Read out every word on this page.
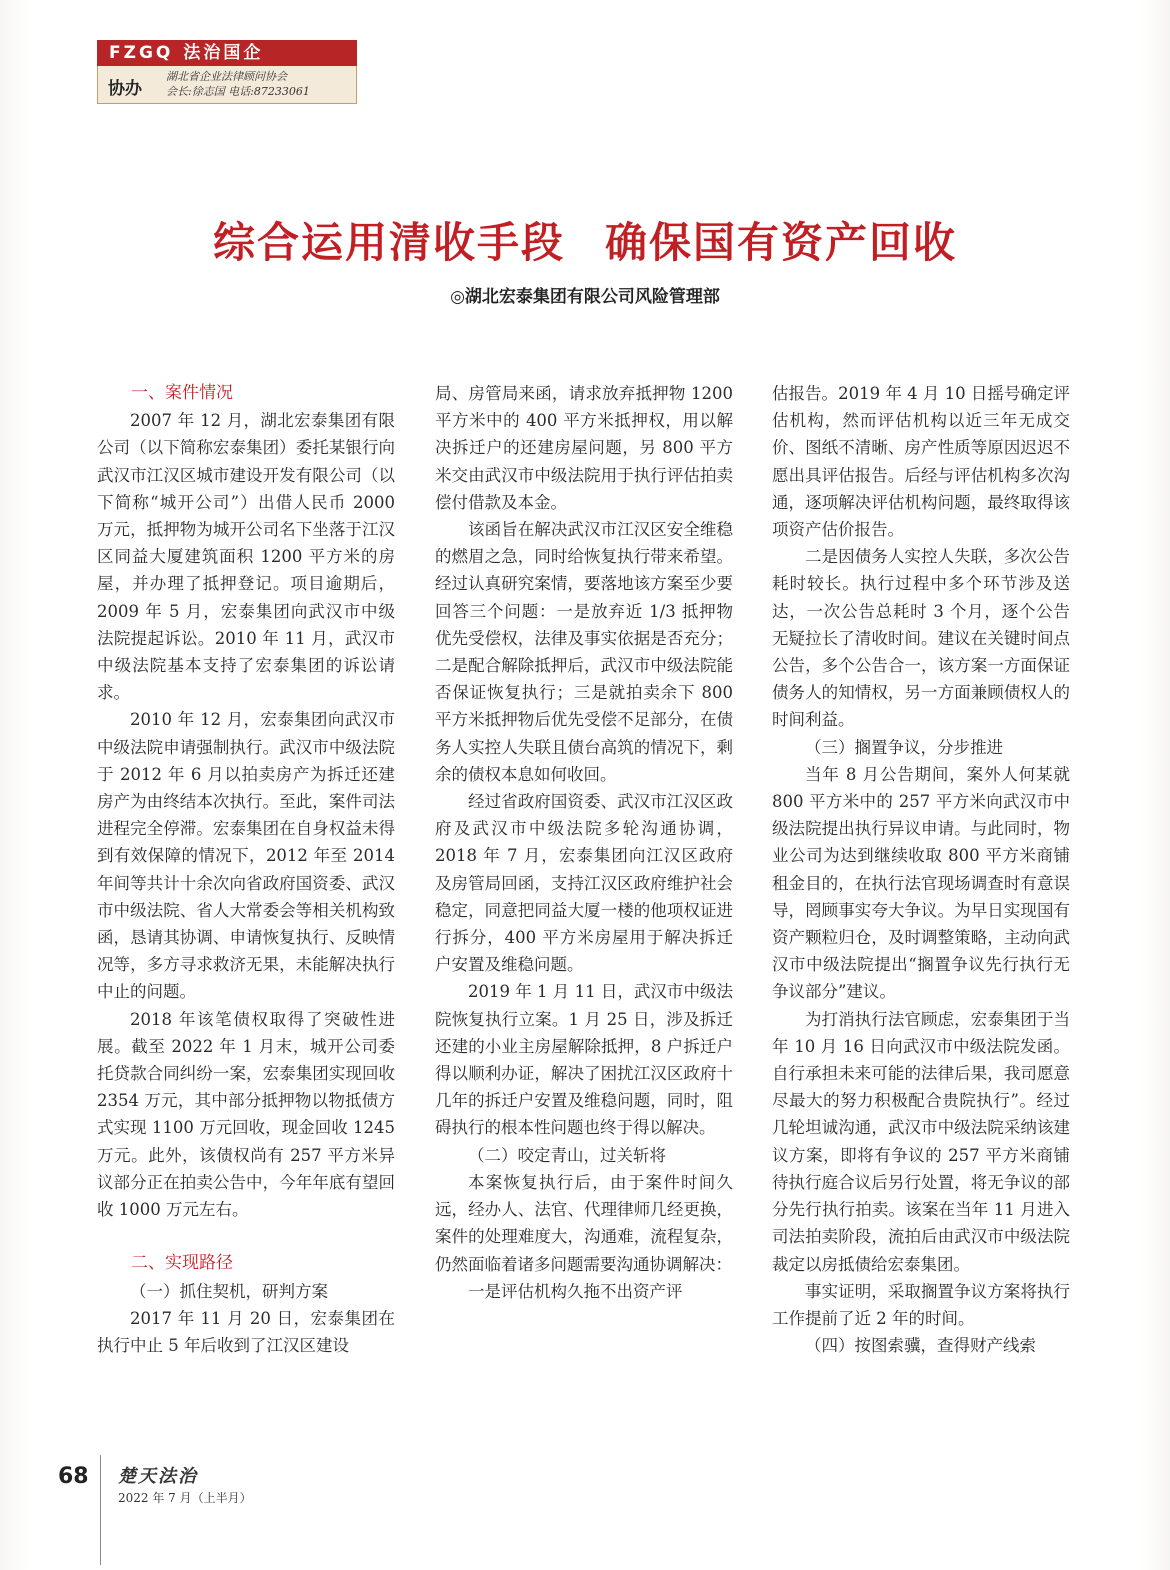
FZGQ 法治国企
协办
湖北省企业法律顾问协会
会长:徐志国 电话:87233061
综合运用清收手段 确保国有资产回收
◎湖北宏泰集团有限公司风险管理部

一、案件情况

2007 年 12 月，湖北宏泰集团有限公司（以下简称宏泰集团）委托某银行向武汉市江汉区城市建设开发有限公司（以下简称“城开公司”）出借人民币 2000 万元，抵押物为城开公司名下坐落于江汉区同益大厦建筑面积 1200 平方米的房屋，并办理了抵押登记。项目逾期后，2009 年 5 月，宏泰集团向武汉市中级法院提起诉讼。2010 年 11 月，武汉市中级法院基本支持了宏泰集团的诉讼请求。

2010 年 12 月，宏泰集团向武汉市中级法院申请强制执行。武汉市中级法院于 2012 年 6 月以拍卖房产为拆迁还建房产为由终结本次执行。至此，案件司法进程完全停滞。宏泰集团在自身权益未得到有效保障的情况下，2012 年至 2014 年间等共计十余次向省政府国资委、武汉市中级法院、省人大常委会等相关机构致函，恳请其协调、申请恢复执行、反映情况等，多方寻求救济无果，未能解决执行中止的问题。

2018 年该笔债权取得了突破性进展。截至 2022 年 1 月末，城开公司委托贷款合同纠纷一案，宏泰集团实现回收 2354 万元，其中部分抵押物以物抵债方式实现 1100 万元回收，现金回收 1245 万元。此外，该债权尚有 257 平方米异议部分正在拍卖公告中，今年年底有望回收 1000 万元左右。

二、实现路径

（一）抓住契机，研判方案

2017 年 11 月 20 日，宏泰集团在执行中止 5 年后收到了江汉区建设

局、房管局来函，请求放弃抵押物 1200 平方米中的 400 平方米抵押权，用以解决拆迁户的还建房屋问题，另 800 平方米交由武汉市中级法院用于执行评估拍卖偿付借款及本金。

该函旨在解决武汉市江汉区安全维稳的燃眉之急，同时给恢复执行带来希望。经过认真研究案情，要落地该方案至少要回答三个问题：一是放弃近 1/3 抵押物优先受偿权，法律及事实依据是否充分；二是配合解除抵押后，武汉市中级法院能否保证恢复执行；三是就拍卖余下 800 平方米抵押物后优先受偿不足部分，在债务人实控人失联且债台高筑的情况下，剩余的债权本息如何收回。

经过省政府国资委、武汉市江汉区政府及武汉市中级法院多轮沟通协调，2018 年 7 月，宏泰集团向江汉区政府及房管局回函，支持江汉区政府维护社会稳定，同意把同益大厦一楼的他项权证进行拆分，400 平方米房屋用于解决拆迁户安置及维稳问题。

2019 年 1 月 11 日，武汉市中级法院恢复执行立案。1 月 25 日，涉及拆迁还建的小业主房屋解除抵押，8 户拆迁户得以顺利办证，解决了困扰江汉区政府十几年的拆迁户安置及维稳问题，同时，阻碍执行的根本性问题也终于得以解决。

（二）咬定青山，过关斩将

本案恢复执行后，由于案件时间久远，经办人、法官、代理律师几经更换，案件的处理难度大，沟通难，流程复杂，仍然面临着诸多问题需要沟通协调解决：

一是评估机构久拖不出资产评

估报告。2019 年 4 月 10 日摇号确定评估机构，然而评估机构以近三年无成交价、图纸不清晰、房产性质等原因迟迟不愿出具评估报告。后经与评估机构多次沟通，逐项解决评估机构问题，最终取得该项资产估价报告。

二是因债务人实控人失联，多次公告耗时较长。执行过程中多个环节涉及送达，一次公告总耗时 3 个月，逐个公告无疑拉长了清收时间。建议在关键时间点公告，多个公告合一，该方案一方面保证债务人的知情权，另一方面兼顾债权人的时间利益。

（三）搁置争议，分步推进

当年 8 月公告期间，案外人何某就 800 平方米中的 257 平方米向武汉市中级法院提出执行异议申请。与此同时，物业公司为达到继续收取 800 平方米商铺租金目的，在执行法官现场调查时有意误导，罔顾事实夸大争议。为早日实现国有资产颗粒归仓，及时调整策略，主动向武汉市中级法院提出“搁置争议先行执行无争议部分”建议。

为打消执行法官顾虑，宏泰集团于当年 10 月 16 日向武汉市中级法院发函。自行承担未来可能的法律后果，我司愿意尽最大的努力积极配合贵院执行”。经过几轮坦诚沟通，武汉市中级法院采纳该建议方案，即将有争议的 257 平方米商铺待执行庭合议后另行处置，将无争议的部分先行执行拍卖。该案在当年 11 月进入司法拍卖阶段，流拍后由武汉市中级法院裁定以房抵债给宏泰集团。

事实证明，采取搁置争议方案将执行工作提前了近 2 年的时间。

（四）按图索骥，查得财产线索

68 楚天法治
2022 年 7 月（上半月）
